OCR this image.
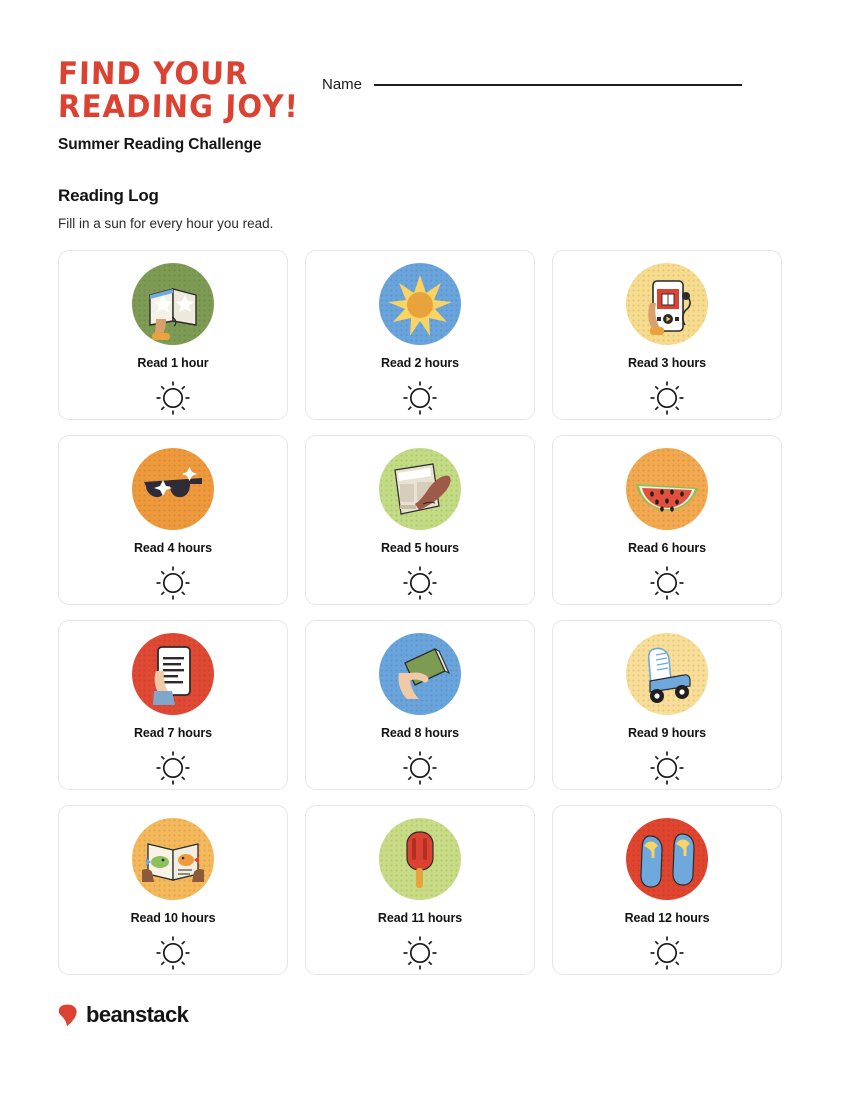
FIND YOUR
READING JOY!
Summer Reading Challenge
Name
Reading Log
Fill in a sun for every hour you read.
Read 1 hour	Read 2 hours	Read 3 hours
Read 4 hours	Read 5 hours	Read 6 hours
Read 7 hours	Read 8 hours	Read 9 hours
Read 10 hours	Read 11 hours	Read 12 hours
beanstack
